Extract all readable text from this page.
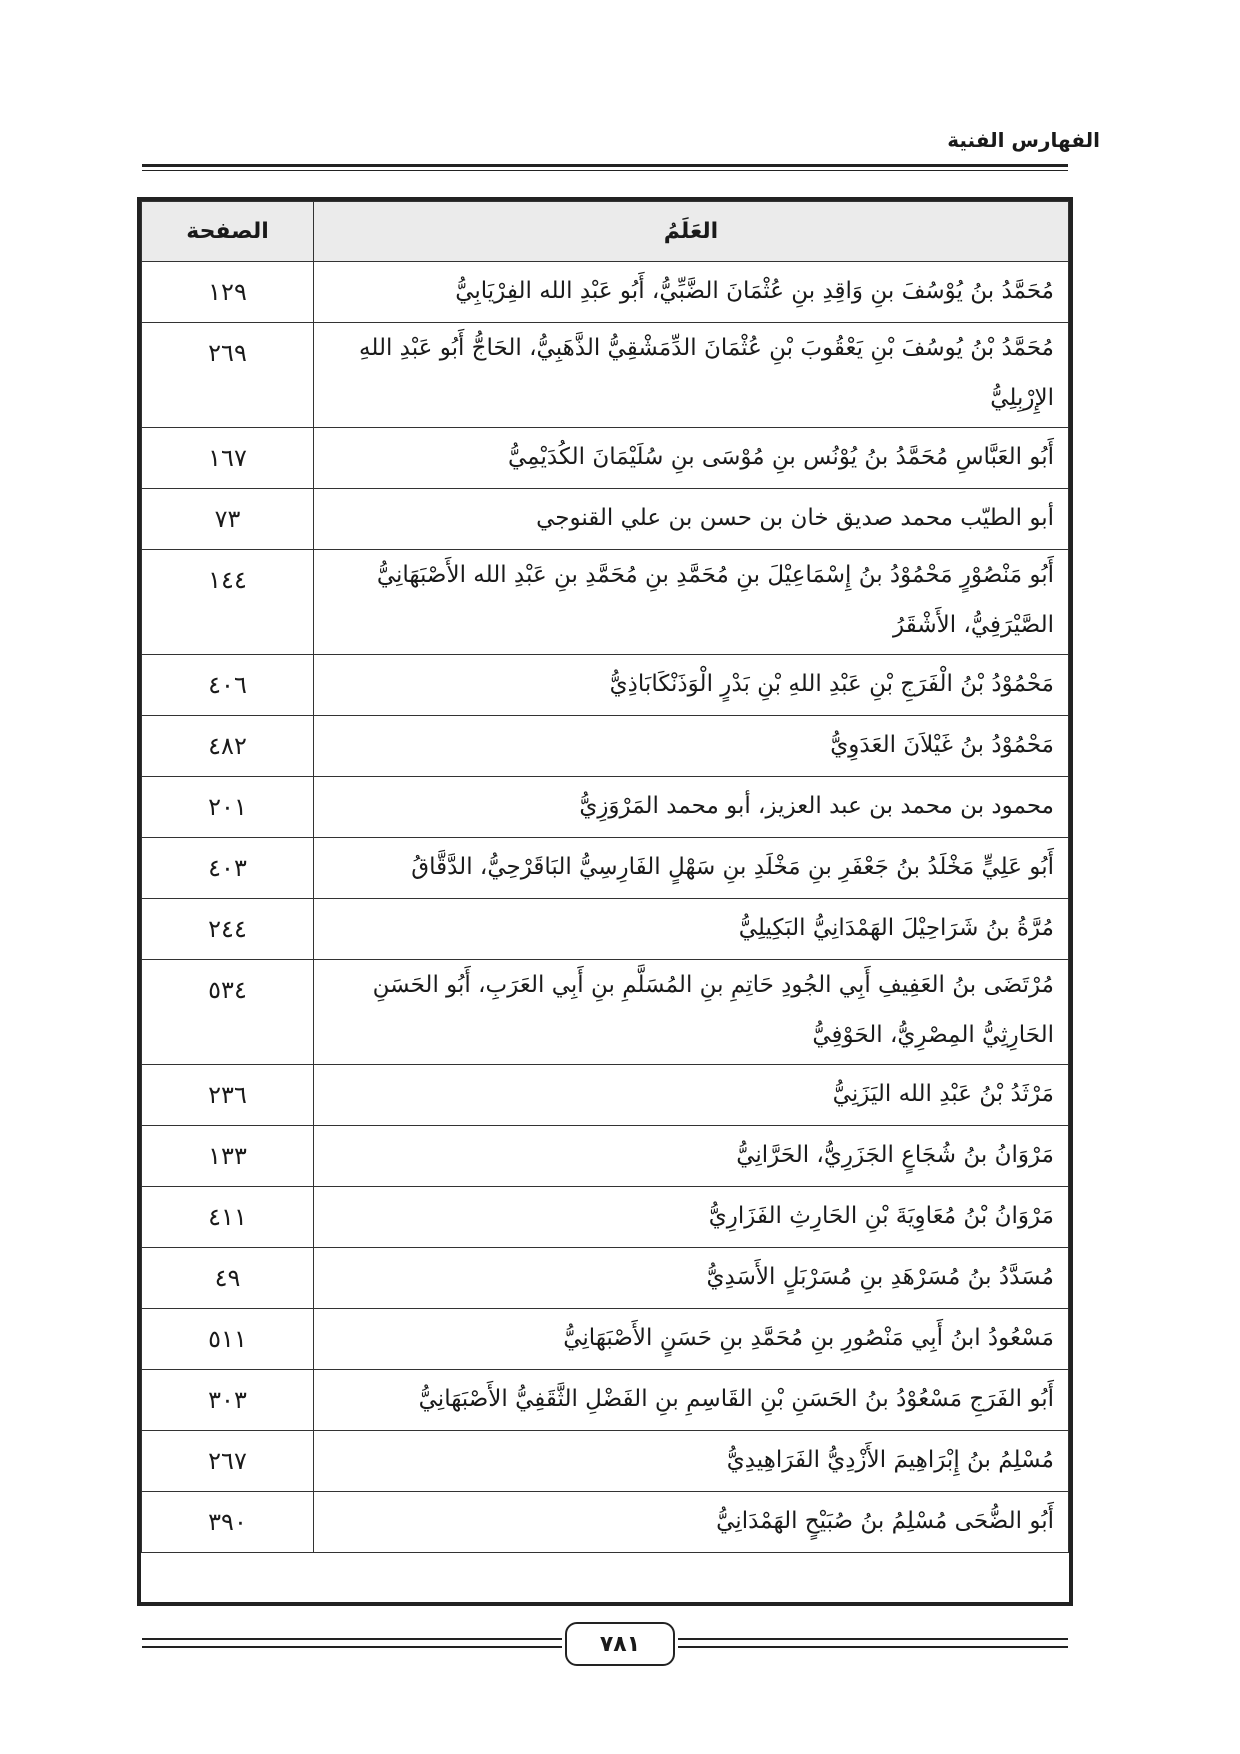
الفهارس الفنية
العَلَمُ	الصفحة
مُحَمَّدُ بنُ يُوْسُفَ بنِ وَاقِدِ بنِ عُثْمَانَ الضَّبِّيُّ، أَبُو عَبْدِ الله الفِرْيَابِيُّ	١٢٩
مُحَمَّدُ بْنُ يُوسُفَ بْنِ يَعْقُوبَ بْنِ عُثْمَانَ الدِّمَشْقِيُّ الذَّهَبِيُّ، الحَاجُّ أَبُو عَبْدِ اللهِ الإِرْبِلِيُّ	٢٦٩
أَبُو العَبَّاسِ مُحَمَّدُ بنُ يُوْنُس بنِ مُوْسَى بنِ سُلَيْمَانَ الكُدَيْمِيُّ	١٦٧
أبو الطيّب محمد صديق خان بن حسن بن علي القنوجي	٧٣
أَبُو مَنْصُوْرٍ مَحْمُوْدُ بنُ إِسْمَاعِيْلَ بنِ مُحَمَّدِ بنِ مُحَمَّدِ بنِ عَبْدِ الله الأَصْبَهَانِيُّ الصَّيْرَفِيُّ، الأَشْقَرُ	١٤٤
مَحْمُوْدُ بْنُ الْفَرَجِ بْنِ عَبْدِ اللهِ بْنِ بَدْرٍ الْوَذَنْكَابَاذِيُّ	٤٠٦
مَحْمُوْدُ بنُ غَيْلاَنَ العَدَوِيُّ	٤٨٢
محمود بن محمد بن عبد العزيز، أبو محمد المَرْوَزِيُّ	٢٠١
أَبُو عَلِيٍّ مَخْلَدُ بنُ جَعْفَرِ بنِ مَخْلَدِ بنِ سَهْلٍ الفَارِسِيُّ البَاقَرْحِيُّ، الدَّقَّاقُ	٤٠٣
مُرَّةُ بنُ شَرَاحِيْلَ الهَمْدَانِيُّ البَكِيلِيُّ	٢٤٤
مُرْتَضَى بنُ العَفِيفِ أَبِي الجُودِ حَاتِمِ بنِ المُسَلَّمِ بنِ أَبِي العَرَبِ، أَبُو الحَسَنِ الحَارِثِيُّ المِصْرِيُّ، الحَوْفِيُّ	٥٣٤
مَرْثَدُ بْنُ عَبْدِ الله اليَزَنِيُّ	٢٣٦
مَرْوَانُ بنُ شُجَاعٍ الجَزَرِيُّ، الحَرَّانِيُّ	١٣٣
مَرْوَانُ بْنُ مُعَاوِيَةَ بْنِ الحَارِثِ الفَزَارِيُّ	٤١١
مُسَدَّدُ بنُ مُسَرْهَدِ بنِ مُسَرْبَلٍ الأَسَدِيُّ	٤٩
مَسْعُودُ ابنُ أَبِي مَنْصُورِ بنِ مُحَمَّدِ بنِ حَسَنٍ الأَصْبَهَانِيُّ	٥١١
أَبُو الفَرَجِ مَسْعُوْدُ بنُ الحَسَنِ بْنِ القَاسِمِ بنِ الفَضْلِ الثَّقَفِيُّ الأَصْبَهَانِيُّ	٣٠٣
مُسْلِمُ بنُ إِبْرَاهِيمَ الأَزْدِيُّ الفَرَاهِيدِيُّ	٢٦٧
أَبُو الضُّحَى مُسْلِمُ بنُ صُبَيْحٍ الهَمْدَانِيُّ	٣٩٠
٧٨١
